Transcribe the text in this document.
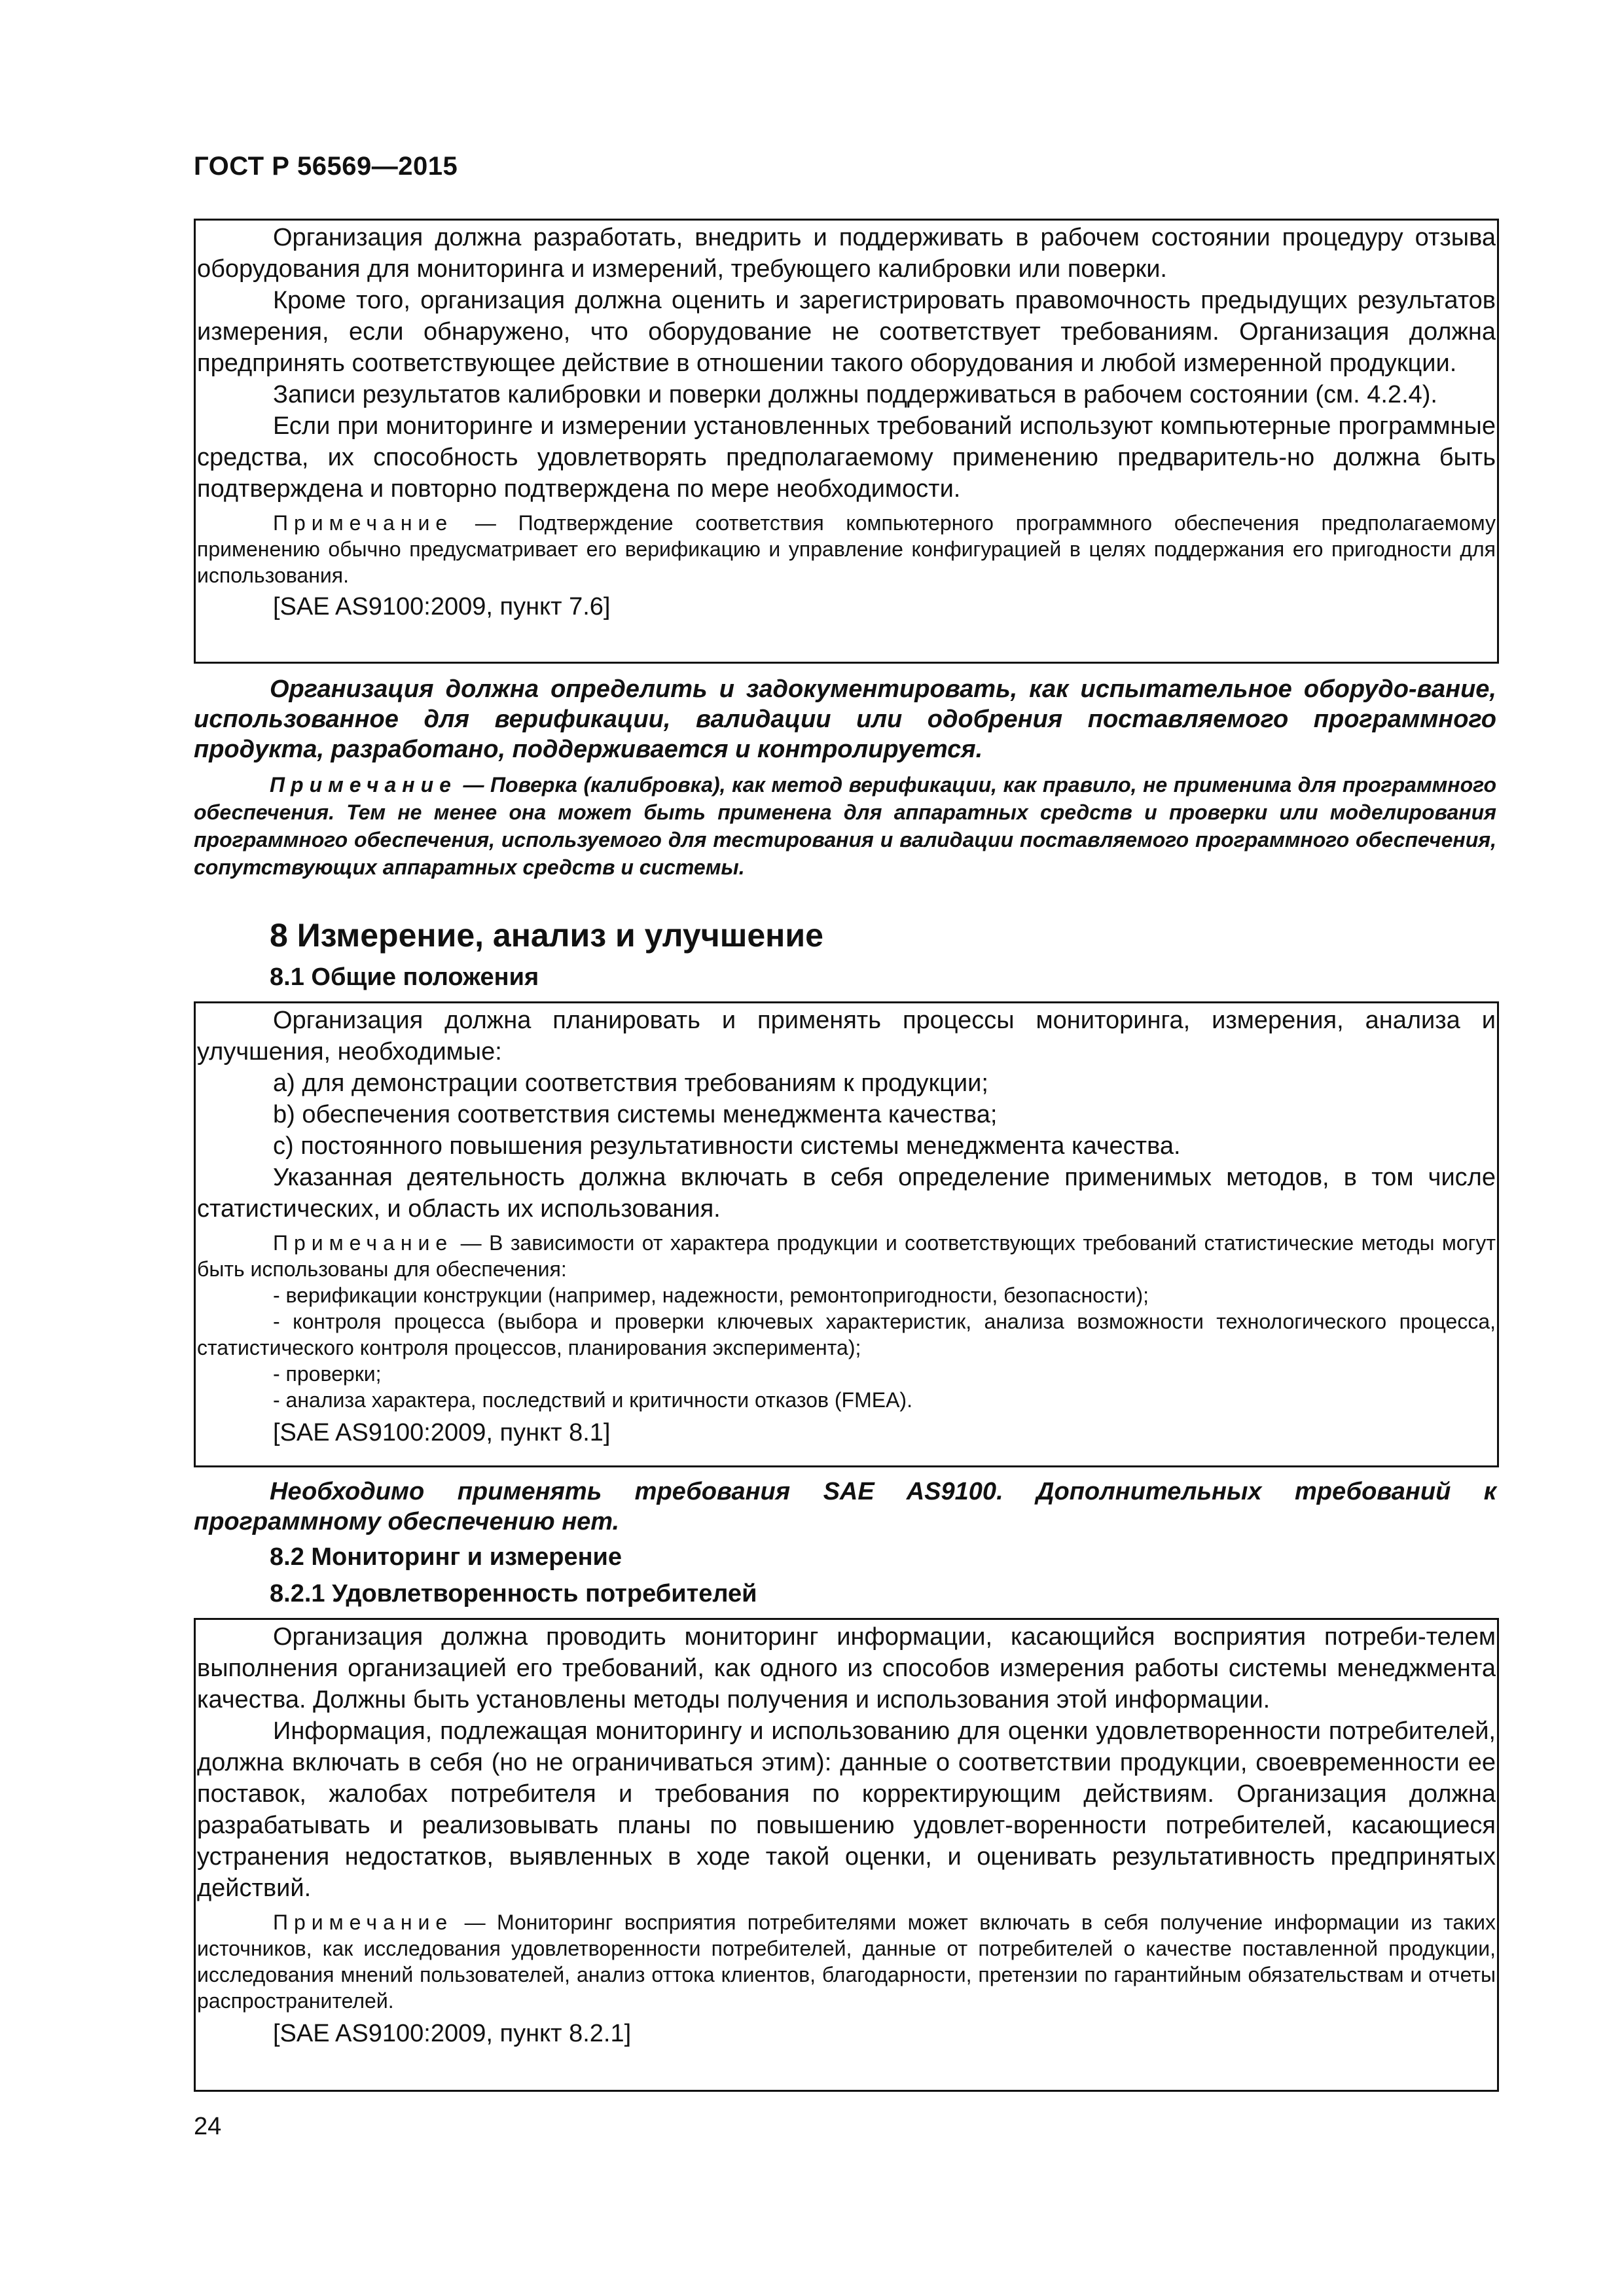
ГОСТ Р 56569—2015

Организация должна разработать, внедрить и поддерживать в рабочем состоянии процедуру отзыва оборудования для мониторинга и измерений, требующего калибровки или поверки.

Кроме того, организация должна оценить и зарегистрировать правомочность предыдущих результатов измерения, если обнаружено, что оборудование не соответствует требованиям. Организация должна предпринять соответствующее действие в отношении такого оборудования и любой измеренной продукции.

Записи результатов калибровки и поверки должны поддерживаться в рабочем состоянии (см. 4.2.4).

Если при мониторинге и измерении установленных требований используют компьютерные программные средства, их способность удовлетворять предполагаемому применению предваритель-но должна быть подтверждена и повторно подтверждена по мере необходимости.

Примечание — Подтверждение соответствия компьютерного программного обеспечения предполагаемому применению обычно предусматривает его верификацию и управление конфигурацией в целях поддержания его пригодности для использования.

[SAE AS9100:2009, пункт 7.6]

Организация должна определить и задокументировать, как испытательное оборудо-вание, использованное для верификации, валидации или одобрения поставляемого программного продукта, разработано, поддерживается и контролируется.

Примечание — Поверка (калибровка), как метод верификации, как правило, не применима для программного обеспечения. Тем не менее она может быть применена для аппаратных средств и проверки или моделирования программного обеспечения, используемого для тестирования и валидации поставляемого программного обеспечения, сопутствующих аппаратных средств и системы.

8 Измерение, анализ и улучшение

8.1 Общие положения

Организация должна планировать и применять процессы мониторинга, измерения, анализа и улучшения, необходимые:

a) для демонстрации соответствия требованиям к продукции;

b) обеспечения соответствия системы менеджмента качества;

c) постоянного повышения результативности системы менеджмента качества.

Указанная деятельность должна включать в себя определение применимых методов, в том числе статистических, и область их использования.

Примечание — В зависимости от характера продукции и соответствующих требований статистические методы могут быть использованы для обеспечения:

- верификации конструкции (например, надежности, ремонтопригодности, безопасности);

- контроля процесса (выбора и проверки ключевых характеристик, анализа возможности технологического процесса, статистического контроля процессов, планирования эксперимента);

- проверки;

- анализа характера, последствий и критичности отказов (FMEA).

[SAE AS9100:2009, пункт 8.1]

Необходимо применять требования SAE AS9100. Дополнительных требований к программному обеспечению нет.

8.2 Мониторинг и измерение

8.2.1 Удовлетворенность потребителей

Организация должна проводить мониторинг информации, касающийся восприятия потреби-телем выполнения организацией его требований, как одного из способов измерения работы системы менеджмента качества. Должны быть установлены методы получения и использования этой информации.

Информация, подлежащая мониторингу и использованию для оценки удовлетворенности потребителей, должна включать в себя (но не ограничиваться этим): данные о соответствии продукции, своевременности ее поставок, жалобах потребителя и требования по корректирующим действиям. Организация должна разрабатывать и реализовывать планы по повышению удовлет-воренности потребителей, касающиеся устранения недостатков, выявленных в ходе такой оценки, и оценивать результативность предпринятых действий.

Примечание — Мониторинг восприятия потребителями может включать в себя получение информации из таких источников, как исследования удовлетворенности потребителей, данные от потребителей о качестве поставленной продукции, исследования мнений пользователей, анализ оттока клиентов, благодарности, претензии по гарантийным обязательствам и отчеты распространителей.

[SAE AS9100:2009, пункт 8.2.1]

24
